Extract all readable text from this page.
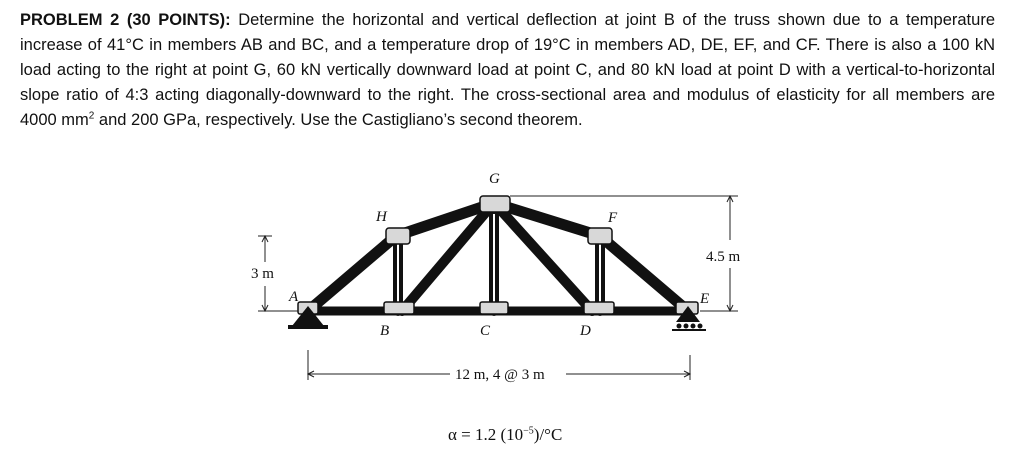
PROBLEM 2 (30 POINTS): Determine the horizontal and vertical deflection at joint B of the truss shown due to a temperature increase of 41°C in members AB and BC, and a temperature drop of 19°C in members AD, DE, EF, and CF. There is also a 100 kN load acting to the right at point G, 60 kN vertically downward load at point C, and 80 kN load at point D with a vertical-to-horizontal slope ratio of 4:3 acting diagonally-downward to the right. The cross-sectional area and modulus of elasticity for all members are 4000 $mm^2$ and 200 GPa, respectively. Use the Castigliano’s second theorem.
A
B	C	D
E
F
G
H
3 m
4.5 m
12 m, 4 @ 3 m
α = 1.2 $(10^{-5})/^\circ C$
